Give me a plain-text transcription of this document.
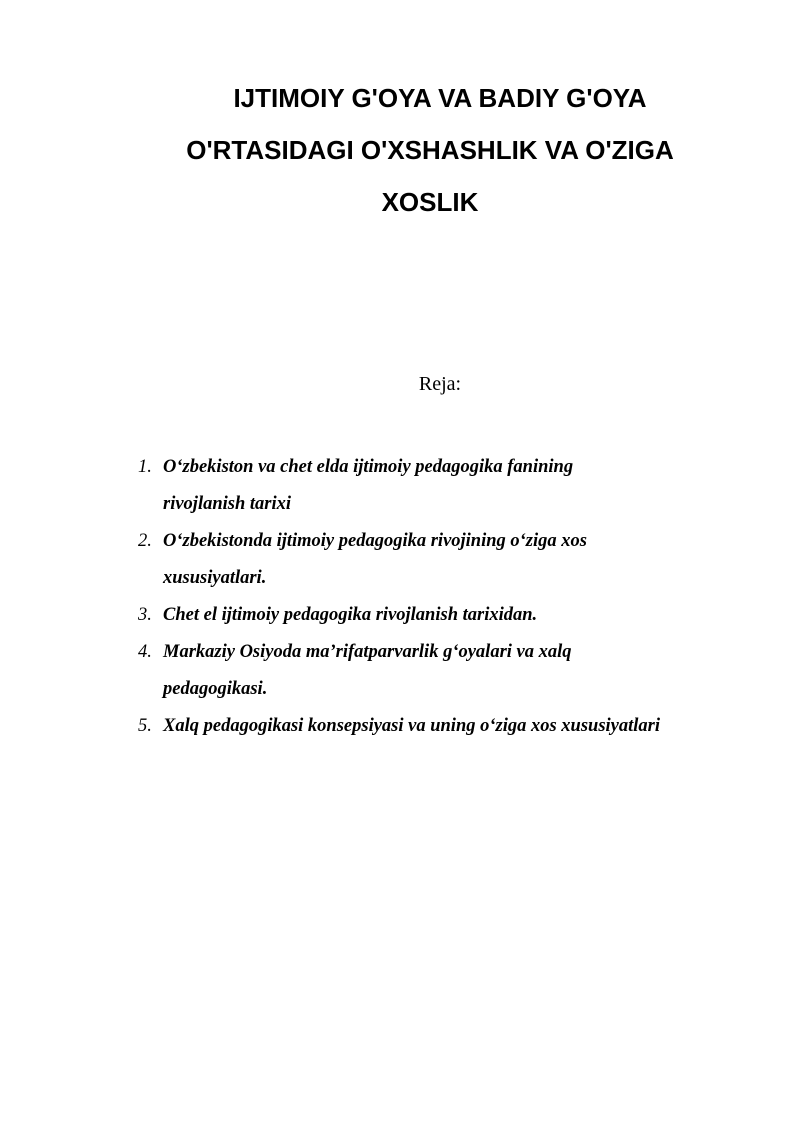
IJTIMOIY G'OYA VA BADIY G'OYA
O'RTASIDAGI O'XSHASHLIK VA O'ZIGA
XOSLIK
Reja:
1. O‘zbekiston va chet elda ijtimoiy pedagogika fanining
rivojlanish tarixi
2. O‘zbekistonda ijtimoiy pedagogika rivojining o‘ziga xos
xususiyatlari.
3. Chet el ijtimoiy pedagogika rivojlanish tarixidan.
4. Markaziy Osiyoda ma’rifatparvarlik g‘oyalari va xalq
pedagogikasi.
5. Xalq pedagogikasi konsepsiyasi va uning o‘ziga xos xususiyatlari
